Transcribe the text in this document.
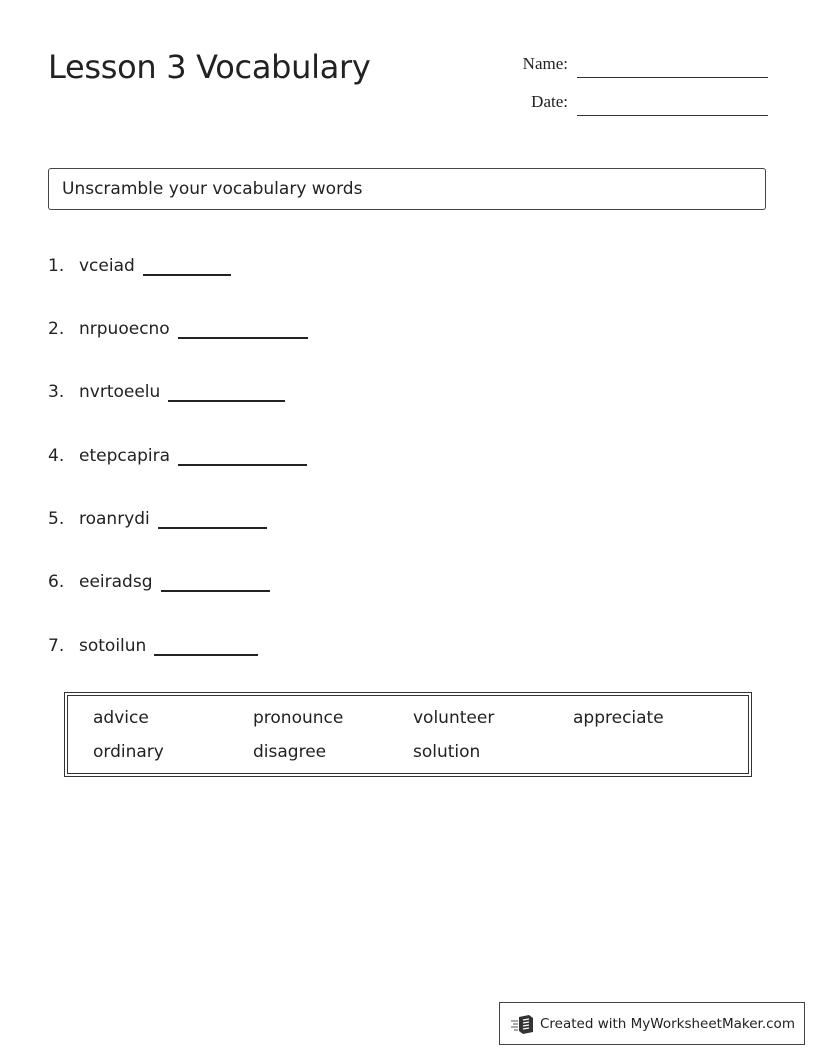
Lesson 3 Vocabulary	Name:
Date:
Unscramble your vocabulary words
1. vceiad
2. nrpuoecno
3. nvrtoeelu
4. etepcapira
5. roanrydi
6. eeiradsg
7. sotoilun
advice	pronounce	volunteer	appreciate
ordinary	disagree	solution
Created with MyWorksheetMaker.com
